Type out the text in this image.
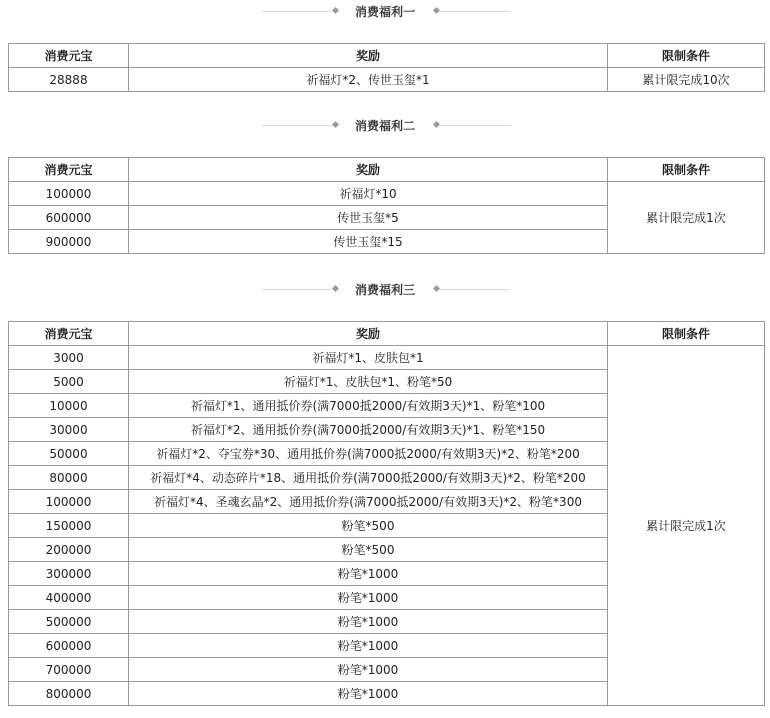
消费福利一
消费元宝	奖励	限制条件
28888	祈福灯*2、传世玉玺*1	累计限完成10次
消费福利二
消费元宝	奖励	限制条件
100000	祈福灯*10	累计限完成1次
600000	传世玉玺*5	
900000	传世玉玺*15	
消费福利三
消费元宝	奖励	限制条件
3000	祈福灯*1、皮肤包*1	累计限完成1次
5000	祈福灯*1、皮肤包*1、粉笔*50	
10000	祈福灯*1、通用抵价券(满7000抵2000/有效期3天)*1、粉笔*100	
30000	祈福灯*2、通用抵价券(满7000抵2000/有效期3天)*1、粉笔*150	
50000	祈福灯*2、夺宝券*30、通用抵价券(满7000抵2000/有效期3天)*2、粉笔*200	
80000	祈福灯*4、动态碎片*18、通用抵价券(满7000抵2000/有效期3天)*2、粉笔*200	
100000	祈福灯*4、圣魂玄晶*2、通用抵价券(满7000抵2000/有效期3天)*2、粉笔*300	
150000	粉笔*500	
200000	粉笔*500	
300000	粉笔*1000	
400000	粉笔*1000	
500000	粉笔*1000	
600000	粉笔*1000	
700000	粉笔*1000	
800000	粉笔*1000	
